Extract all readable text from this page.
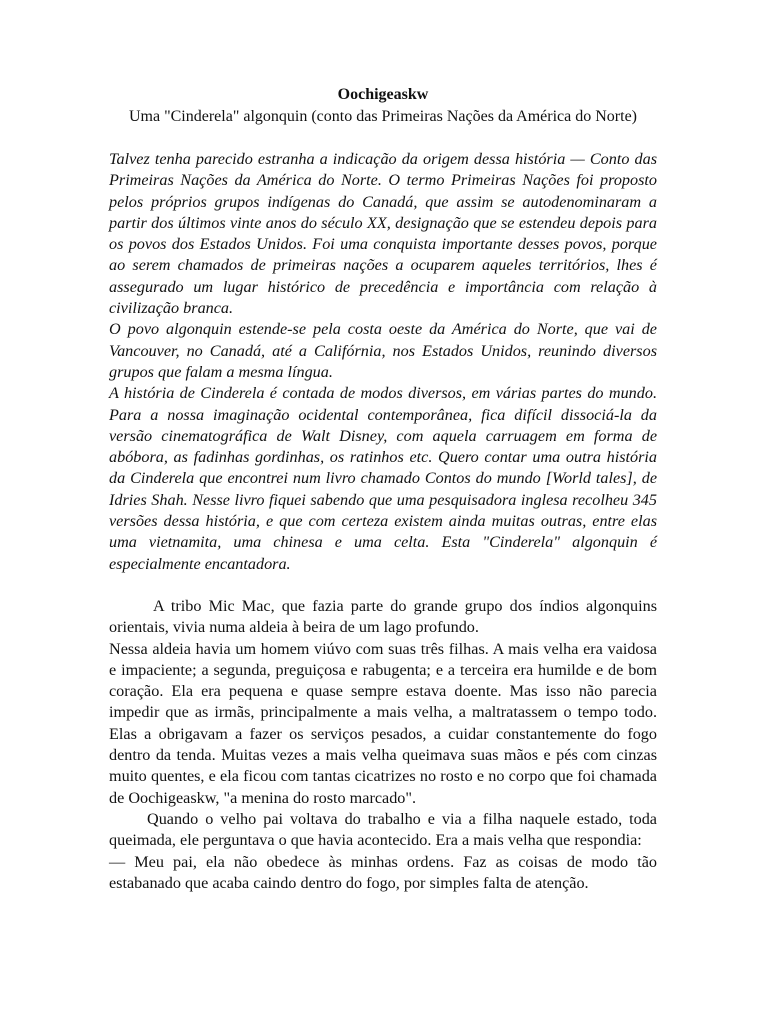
Oochigeaskw

Uma "Cinderela" algonquin (conto das Primeiras Nações da América do Norte)

Talvez tenha parecido estranha a indicação da origem dessa história — Conto das Primeiras Nações da América do Norte. O termo Primeiras Nações foi proposto pelos próprios grupos indígenas do Canadá, que assim se autodenominaram a partir dos últimos vinte anos do século XX, designação que se estendeu depois para os povos dos Estados Unidos. Foi uma conquista importante desses povos, porque ao serem chamados de primeiras nações a ocuparem aqueles territórios, lhes é assegurado um lugar histórico de precedência e importância com relação à civilização branca.

O povo algonquin estende-se pela costa oeste da América do Norte, que vai de Vancouver, no Canadá, até a Califórnia, nos Estados Unidos, reunindo diversos grupos que falam a mesma língua.

A história de Cinderela é contada de modos diversos, em várias partes do mundo. Para a nossa imaginação ocidental contemporânea, fica difícil dissociá-la da versão cinematográfica de Walt Disney, com aquela carruagem em forma de abóbora, as fadinhas gordinhas, os ratinhos etc. Quero contar uma outra história da Cinderela que encontrei num livro chamado Contos do mundo [World tales], de Idries Shah. Nesse livro fiquei sabendo que uma pesquisadora inglesa recolheu 345 versões dessa história, e que com certeza existem ainda muitas outras, entre elas uma vietnamita, uma chinesa e uma celta. Esta "Cinderela" algonquin é especialmente encantadora.

A tribo Mic Mac, que fazia parte do grande grupo dos índios algonquins orientais, vivia numa aldeia à beira de um lago profundo.

Nessa aldeia havia um homem viúvo com suas três filhas. A mais velha era vaidosa e impaciente; a segunda, preguiçosa e rabugenta; e a terceira era humilde e de bom coração. Ela era pequena e quase sempre estava doente. Mas isso não parecia impedir que as irmãs, principalmente a mais velha, a maltratassem o tempo todo. Elas a obrigavam a fazer os serviços pesados, a cuidar constantemente do fogo dentro da tenda. Muitas vezes a mais velha queimava suas mãos e pés com cinzas muito quentes, e ela ficou com tantas cicatrizes no rosto e no corpo que foi chamada de Oochigeaskw, "a menina do rosto marcado".

Quando o velho pai voltava do trabalho e via a filha naquele estado, toda queimada, ele perguntava o que havia acontecido. Era a mais velha que respondia:

— Meu pai, ela não obedece às minhas ordens. Faz as coisas de modo tão estabanado que acaba caindo dentro do fogo, por simples falta de atenção.
